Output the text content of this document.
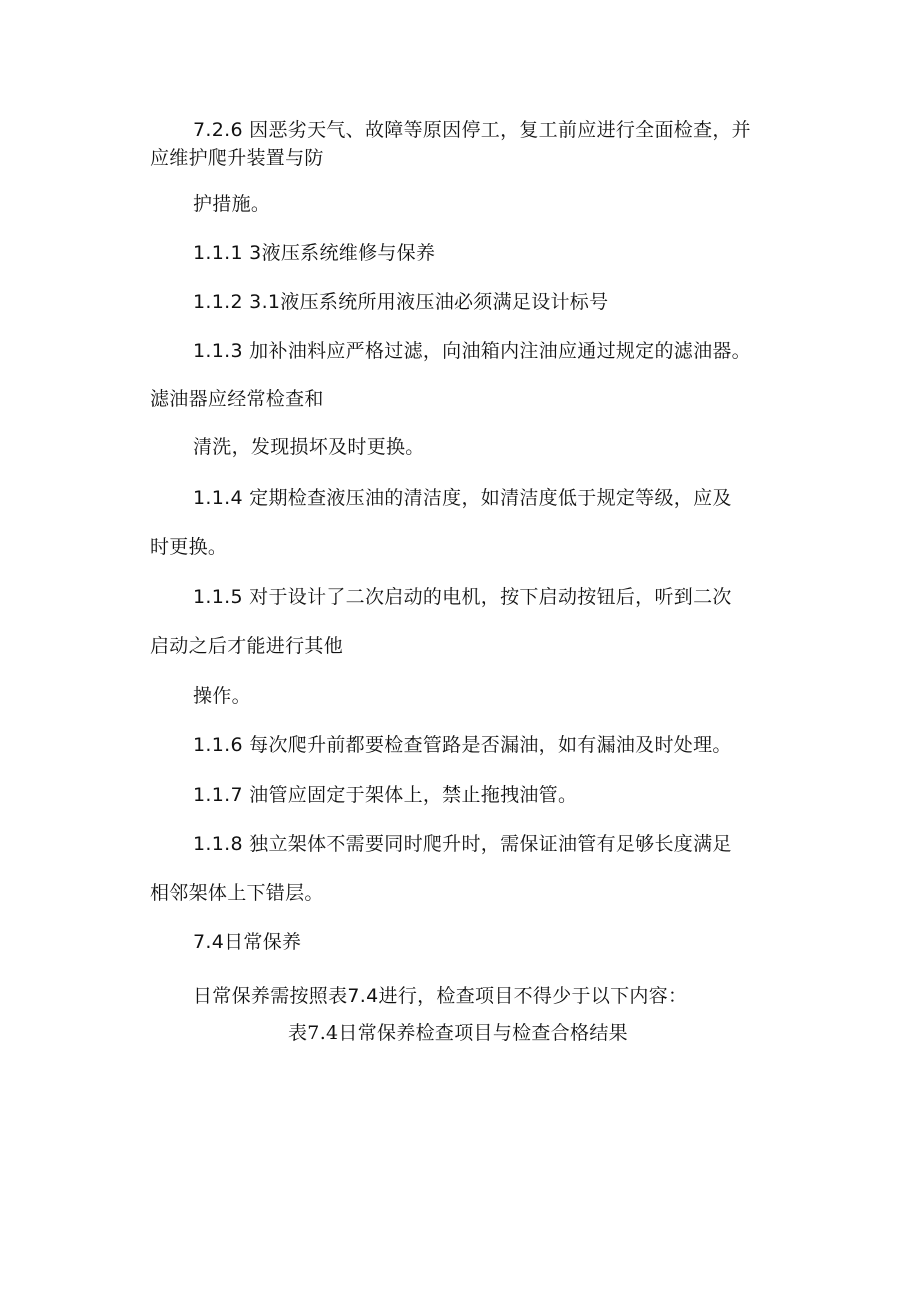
7.2.6 因恶劣天气、故障等原因停工，复工前应进行全面检查，并
应维护爬升装置与防
护措施。
1.1.1 3液压系统维修与保养
1.1.2 3.1液压系统所用液压油必须满足设计标号
1.1.3 加补油料应严格过滤，向油箱内注油应通过规定的滤油器。
滤油器应经常检查和
清洗，发现损坏及时更换。
1.1.4 定期检查液压油的清洁度，如清洁度低于规定等级，应及
时更换。
1.1.5 对于设计了二次启动的电机，按下启动按钮后，听到二次
启动之后才能进行其他
操作。
1.1.6 每次爬升前都要检查管路是否漏油，如有漏油及时处理。
1.1.7 油管应固定于架体上，禁止拖拽油管。
1.1.8 独立架体不需要同时爬升时，需保证油管有足够长度满足
相邻架体上下错层。
7.4日常保养
日常保养需按照表7.4进行，检查项目不得少于以下内容：
表7.4日常保养检查项目与检查合格结果
